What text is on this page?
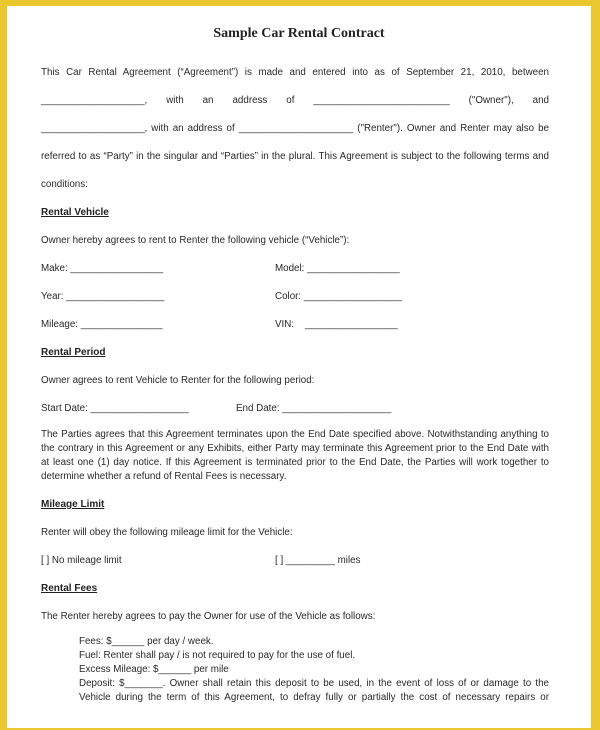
Sample Car Rental Contract
This Car Rental Agreement (“Agreement”) is made and entered into as of September 21, 2010, between
___________________, with an address of _________________________ ("Owner"), and
___________________, with an address of _____________________ ("Renter"). Owner and Renter may also be
referred to as “Party” in the singular and “Parties” in the plural. This Agreement is subject to the following terms and
conditions:
Rental Vehicle
Owner hereby agrees to rent to Renter the following vehicle (“Vehicle”):
Make: _________________	Model: _________________
Year: __________________	Color: __________________
Mileage: _______________	VIN:    _________________
Rental Period
Owner agrees to rent Vehicle to Renter for the following period:
Start Date: __________________	End Date: ____________________
The Parties agrees that this Agreement terminates upon the End Date specified above. Notwithstanding anything to
the contrary in this Agreement or any Exhibits, either Party may terminate this Agreement prior to the End Date with
at least one (1) day notice. If this Agreement is terminated prior to the End Date, the Parties will work together to
determine whether a refund of Rental Fees is necessary.
Mileage Limit
Renter will obey the following mileage limit for the Vehicle:
[ ] No mileage limit	[ ] _________ miles
Rental Fees
The Renter hereby agrees to pay the Owner for use of the Vehicle as follows:
Fees: $______ per day / week.
Fuel: Renter shall pay / is not required to pay for the use of fuel.
Excess Mileage: $______ per mile
Deposit: $_______. Owner shall retain this deposit to be used, in the event of loss of or damage to the
Vehicle during the term of this Agreement, to defray fully or partially the cost of necessary repairs or
